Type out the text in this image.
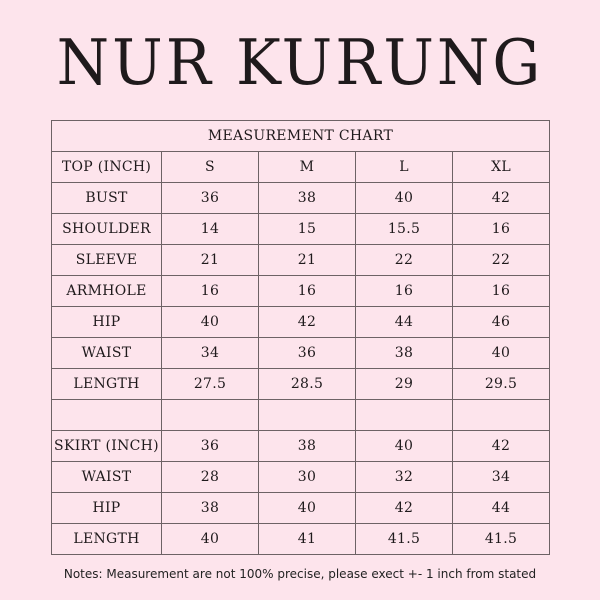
NUR KURUNG
MEASUREMENT CHART				
TOP (INCH)	S	M	L	XL
BUST	36	38	40	42
SHOULDER	14	15	15.5	16
SLEEVE	21	21	22	22
ARMHOLE	16	16	16	16
HIP	40	42	44	46
WAIST	34	36	38	40
LENGTH	27.5	28.5	29	29.5

SKIRT (INCH)	36	38	40	42
WAIST	28	30	32	34
HIP	38	40	42	44
LENGTH	40	41	41.5	41.5
Notes: Measurement are not 100% precise, please exect +- 1 inch from stated
